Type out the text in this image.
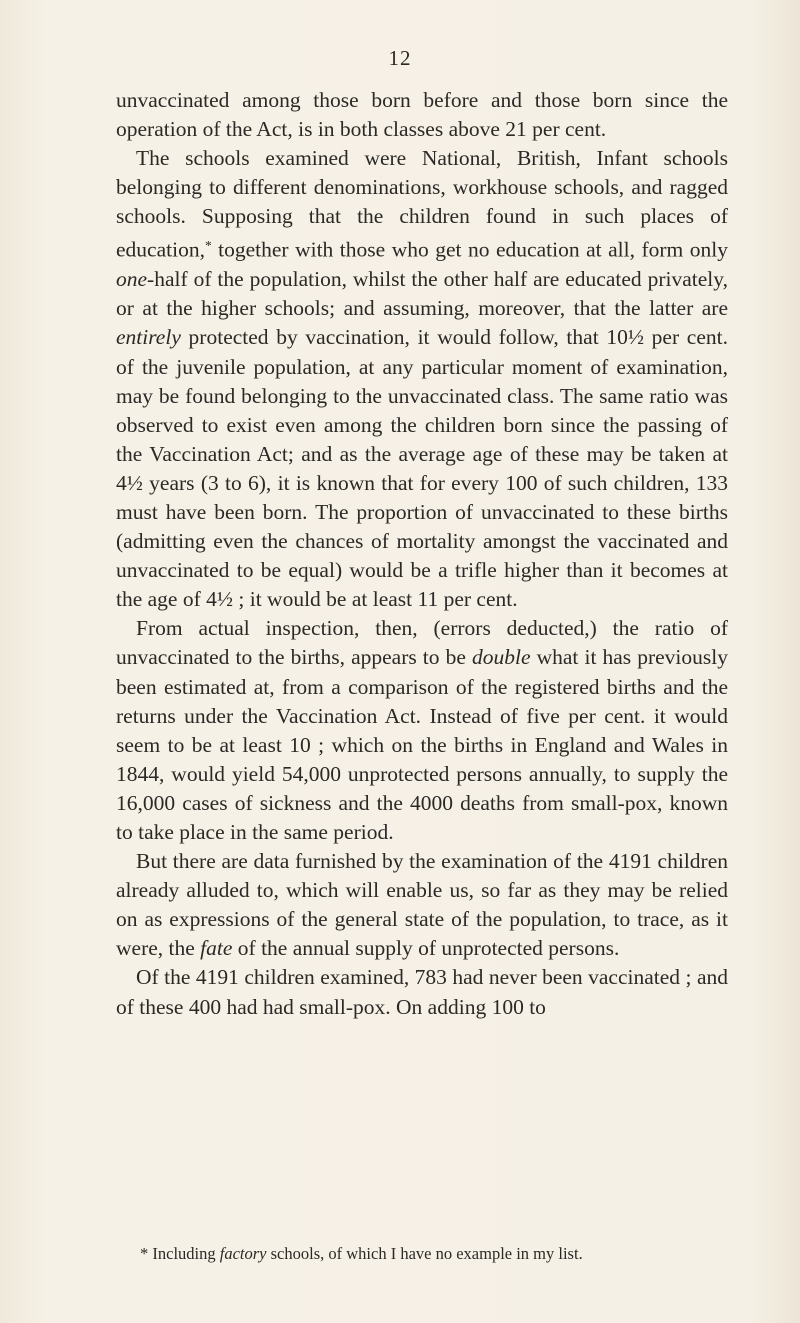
12

unvaccinated among those born before and those born since the operation of the Act, is in both classes above 21 per cent.

The schools examined were National, British, Infant schools belonging to different denominations, workhouse schools, and ragged schools. Supposing that the children found in such places of education,* together with those who get no education at all, form only one-half of the population, whilst the other half are educated privately, or at the higher schools; and assuming, moreover, that the latter are entirely protected by vaccination, it would follow, that 10½ per cent. of the juvenile population, at any particular moment of examination, may be found belonging to the unvaccinated class. The same ratio was observed to exist even among the children born since the passing of the Vaccination Act; and as the average age of these may be taken at 4½ years (3 to 6), it is known that for every 100 of such children, 133 must have been born. The proportion of unvaccinated to these births (admitting even the chances of mortality amongst the vaccinated and unvaccinated to be equal) would be a trifle higher than it becomes at the age of 4½ ; it would be at least 11 per cent.

From actual inspection, then, (errors deducted,) the ratio of unvaccinated to the births, appears to be double what it has previously been estimated at, from a comparison of the registered births and the returns under the Vaccination Act. Instead of five per cent. it would seem to be at least 10 ; which on the births in England and Wales in 1844, would yield 54,000 unprotected persons annually, to supply the 16,000 cases of sickness and the 4000 deaths from small-pox, known to take place in the same period.

But there are data furnished by the examination of the 4191 children already alluded to, which will enable us, so far as they may be relied on as expressions of the general state of the population, to trace, as it were, the fate of the annual supply of unprotected persons.

Of the 4191 children examined, 783 had never been vaccinated ; and of these 400 had had small-pox. On adding 100 to

* Including factory schools, of which I have no example in my list.
